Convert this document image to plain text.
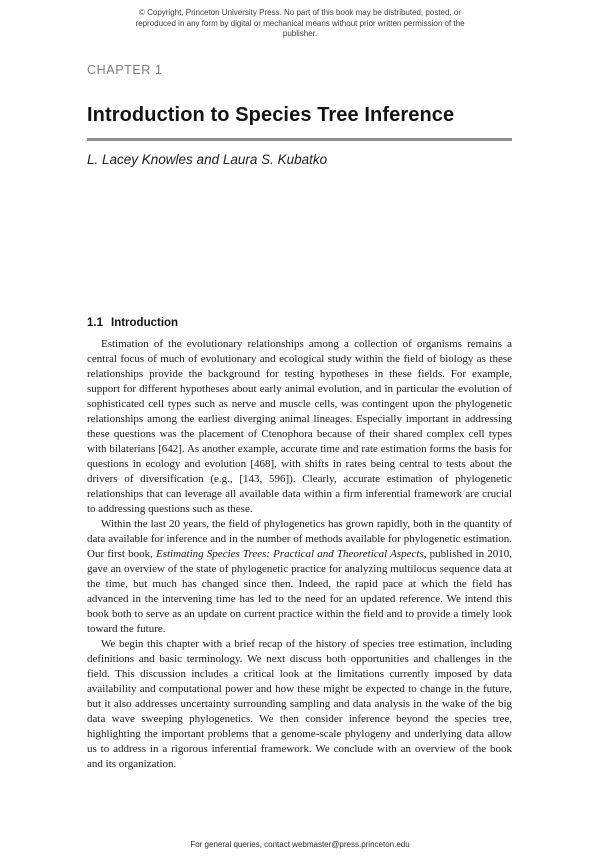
© Copyright, Princeton University Press. No part of this book may be distributed, posted, or reproduced in any form by digital or mechanical means without prior written permission of the publisher.
CHAPTER 1
Introduction to Species Tree Inference
L. Lacey Knowles and Laura S. Kubatko
1.1 Introduction

Estimation of the evolutionary relationships among a collection of organisms remains a central focus of much of evolutionary and ecological study within the field of biology as these relationships provide the background for testing hypotheses in these fields. For example, support for different hypotheses about early animal evolution, and in particular the evolution of sophisticated cell types such as nerve and muscle cells, was contingent upon the phylogenetic relationships among the earliest diverging animal lineages. Especially important in addressing these questions was the placement of Ctenophora because of their shared complex cell types with bilaterians [642]. As another example, accurate time and rate estimation forms the basis for questions in ecology and evolution [468], with shifts in rates being central to tests about the drivers of diversification (e.g., [143, 596]). Clearly, accurate estimation of phylogenetic relationships that can leverage all available data within a firm inferential framework are crucial to addressing questions such as these.

Within the last 20 years, the field of phylogenetics has grown rapidly, both in the quantity of data available for inference and in the number of methods available for phylogenetic estimation. Our first book, Estimating Species Trees: Practical and Theoretical Aspects, published in 2010, gave an overview of the state of phylogenetic practice for analyzing multilocus sequence data at the time, but much has changed since then. Indeed, the rapid pace at which the field has advanced in the intervening time has led to the need for an updated reference. We intend this book both to serve as an update on current practice within the field and to provide a timely look toward the future.

We begin this chapter with a brief recap of the history of species tree estimation, including definitions and basic terminology. We next discuss both opportunities and challenges in the field. This discussion includes a critical look at the limitations currently imposed by data availability and computational power and how these might be expected to change in the future, but it also addresses uncertainty surrounding sampling and data analysis in the wake of the big data wave sweeping phylogenetics. We then consider inference beyond the species tree, highlighting the important problems that a genome-scale phylogeny and underlying data allow us to address in a rigorous inferential framework. We conclude with an overview of the book and its organization.

For general queries, contact webmaster@press.princeton.edu
